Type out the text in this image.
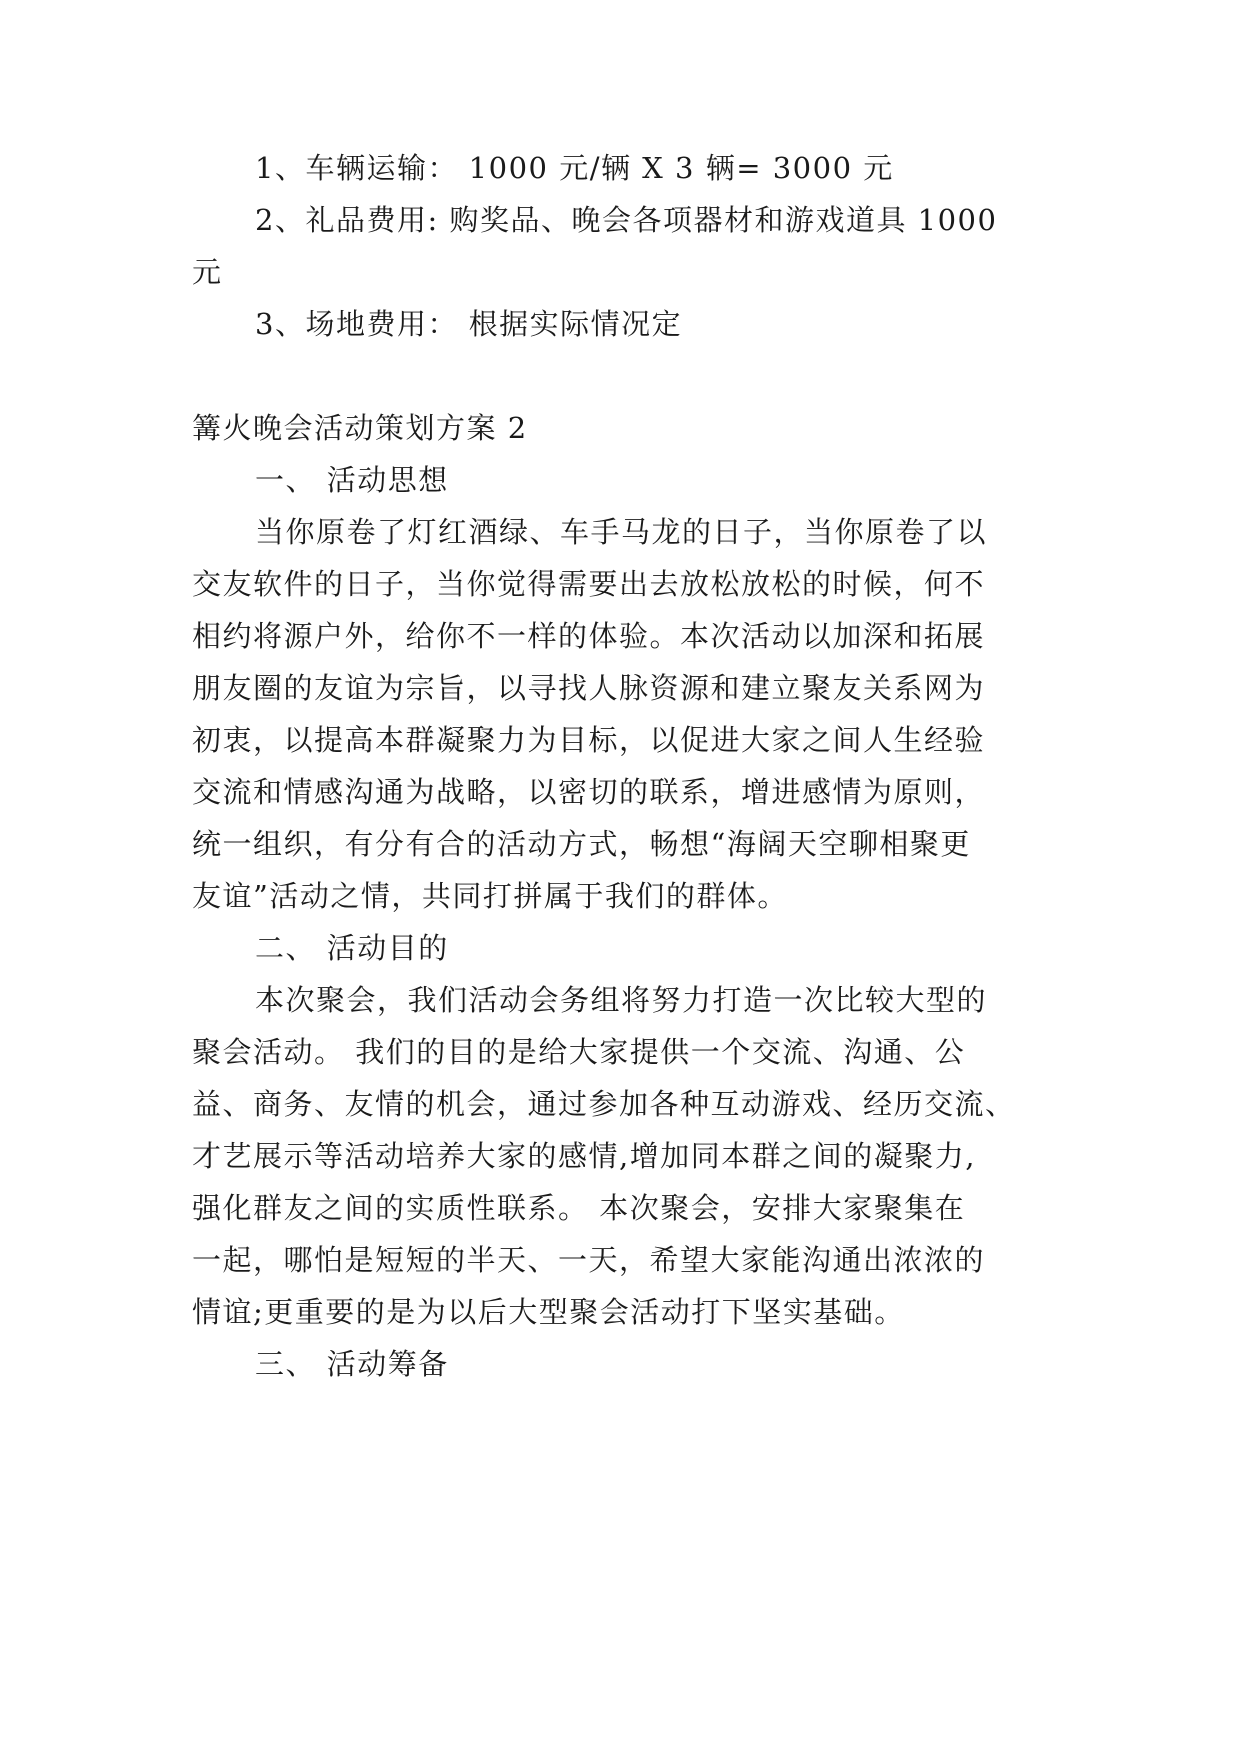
1、车辆运输： 1000 元/辆 X 3 辆= 3000 元
2、礼品费用: 购奖品、晚会各项器材和游戏道具 1000
元
3、场地费用： 根据实际情况定
篝火晚会活动策划方案 2
一、 活动思想
当你原卷了灯红酒绿、车手马龙的日子，当你原卷了以
交友软件的日子，当你觉得需要出去放松放松的时候，何不
相约将源户外，给你不一样的体验。本次活动以加深和拓展
朋友圈的友谊为宗旨，以寻找人脉资源和建立聚友关系网为
初衷，以提高本群凝聚力为目标，以促进大家之间人生经验
交流和情感沟通为战略，以密切的联系，增进感情为原则，
统一组织，有分有合的活动方式，畅想“海阔天空聊相聚更
友谊”活动之情，共同打拼属于我们的群体。
二、 活动目的
本次聚会，我们活动会务组将努力打造一次比较大型的
聚会活动。 我们的目的是给大家提供一个交流、沟通、公
益、商务、友情的机会，通过参加各种互动游戏、经历交流、
才艺展示等活动培养大家的感情,增加同本群之间的凝聚力,
强化群友之间的实质性联系。 本次聚会，安排大家聚集在
一起，哪怕是短短的半天、一天，希望大家能沟通出浓浓的
情谊;更重要的是为以后大型聚会活动打下坚实基础。
三、 活动筹备
